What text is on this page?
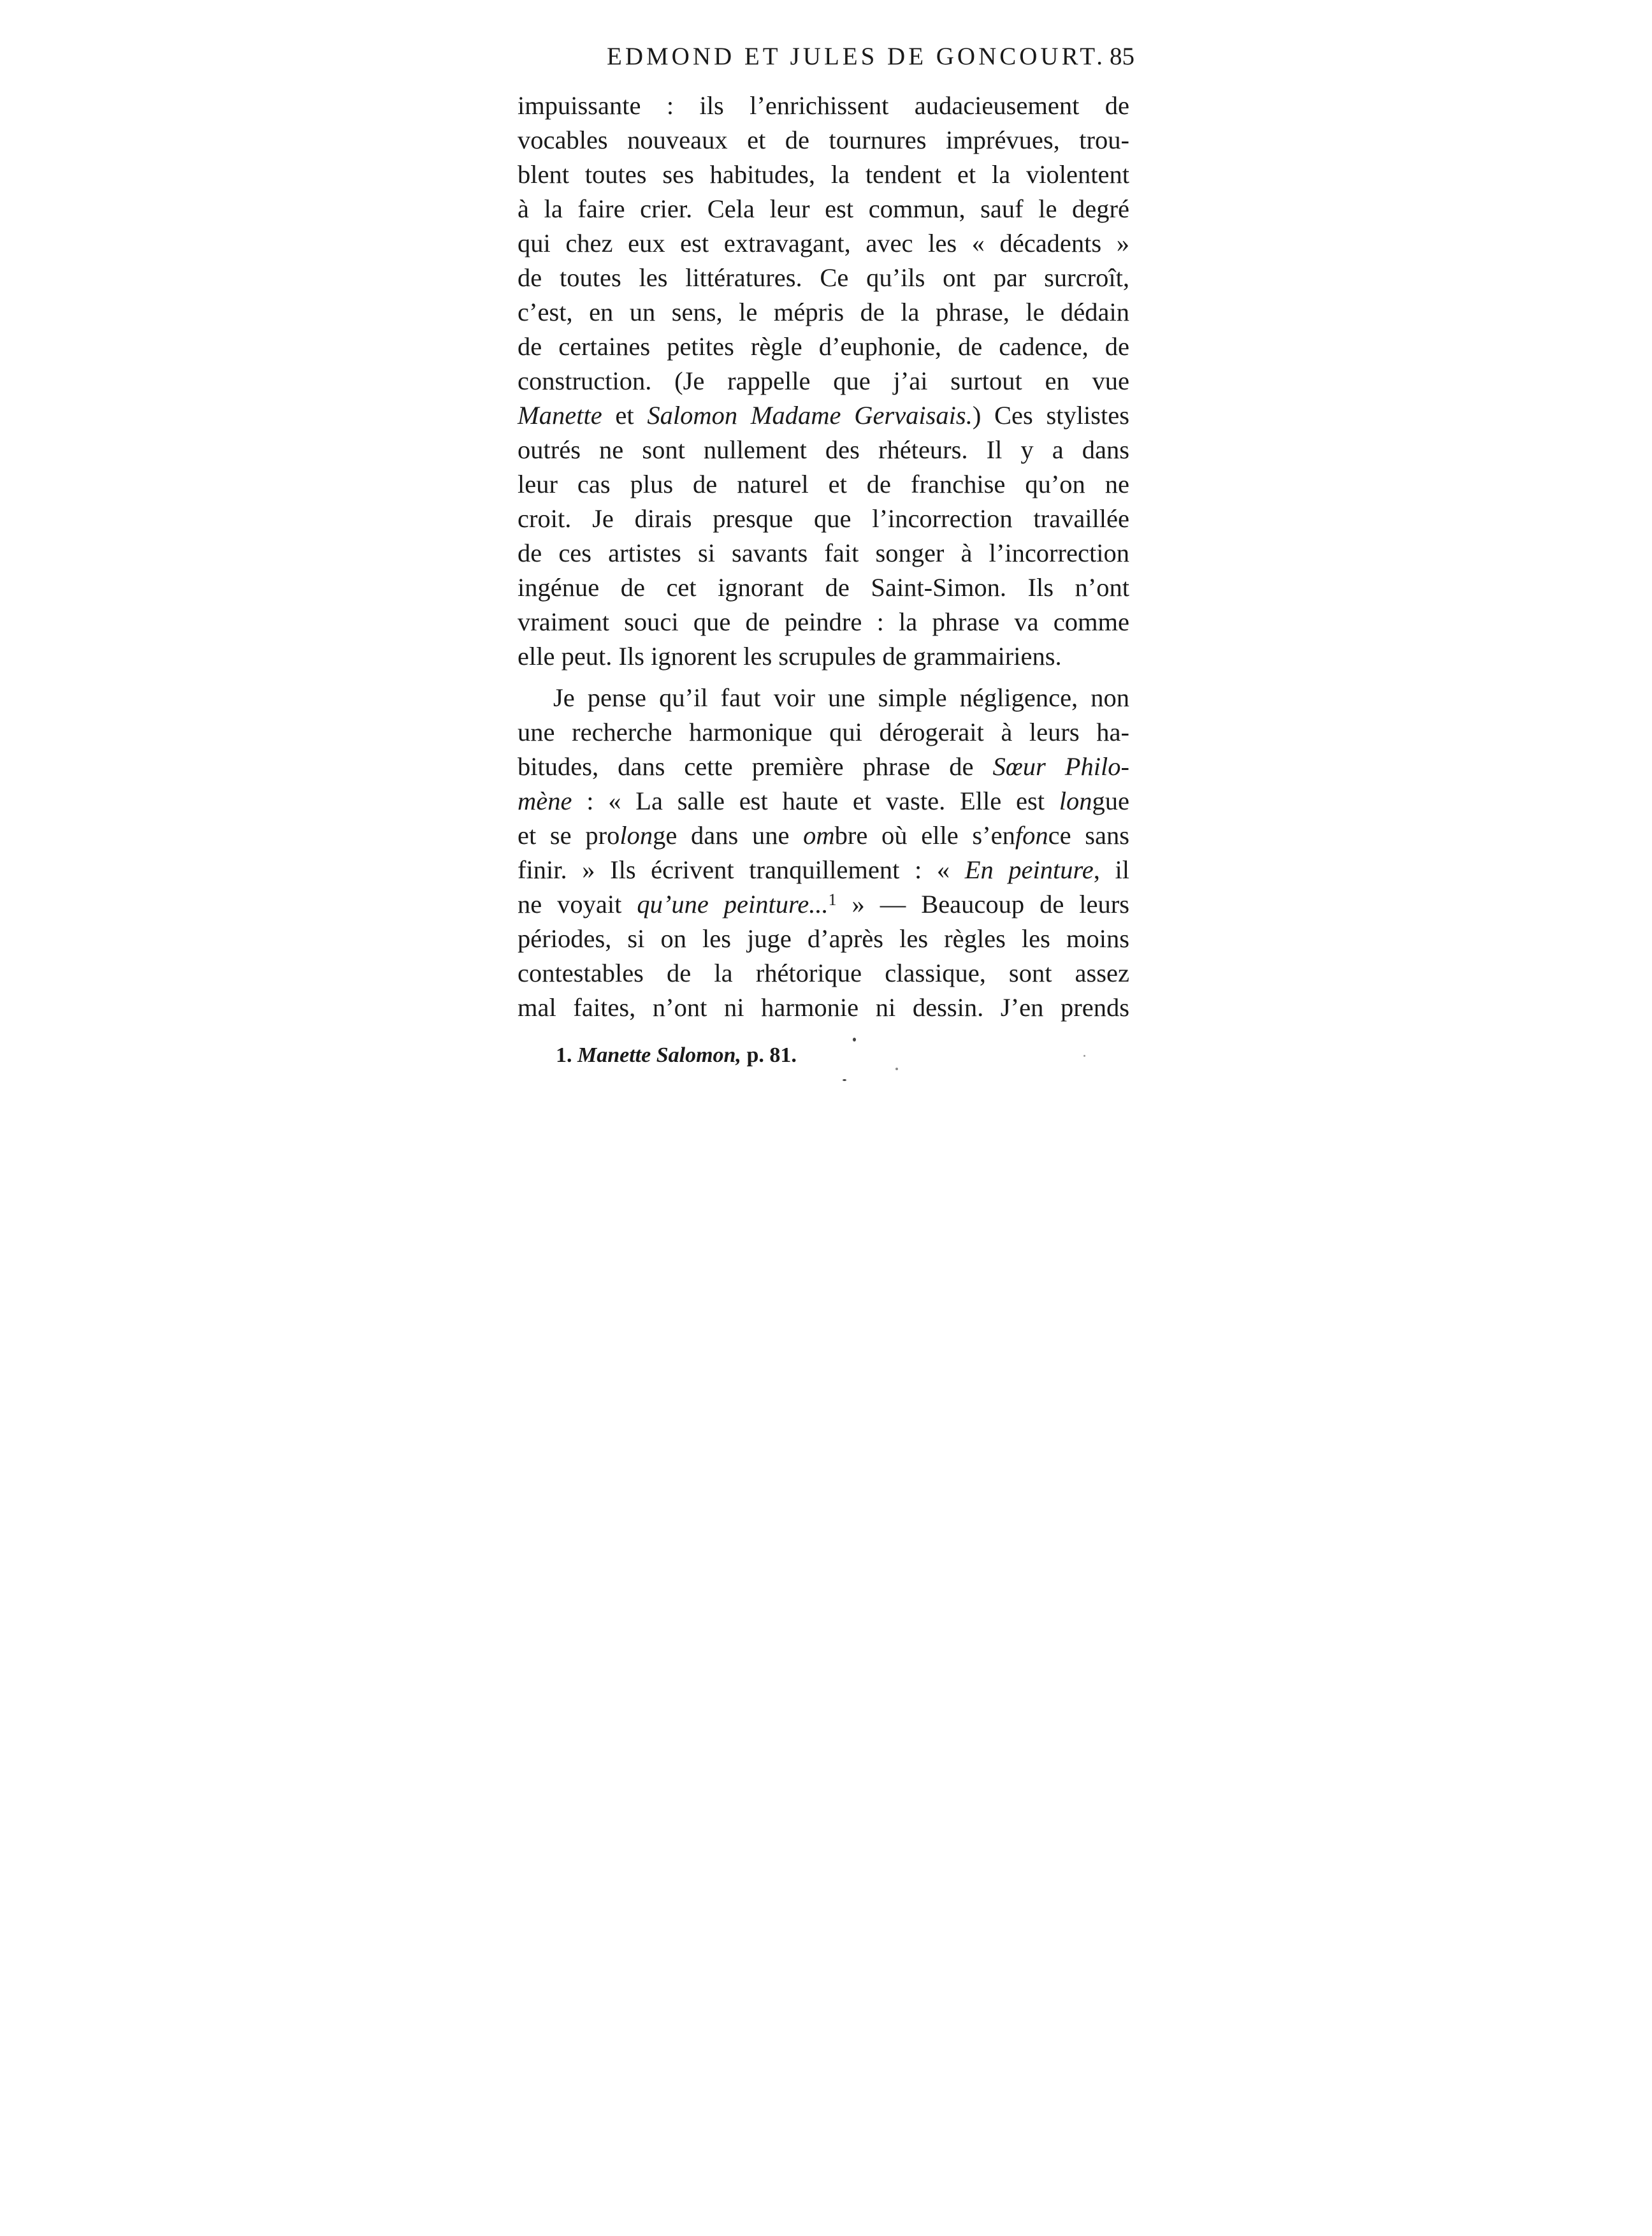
EDMOND ET JULES DE GONCOURT. 85
impuissante : ils l’enrichissent audacieusement de
vocables nouveaux et de tournures imprévues, trou-
blent toutes ses habitudes, la tendent et la violentent
à la faire crier. Cela leur est commun, sauf le degré
qui chez eux est extravagant, avec les « décadents »
de toutes les littératures. Ce qu’ils ont par surcroît,
c’est, en un sens, le mépris de la phrase, le dédain
de certaines petites règle d’euphonie, de cadence, de
construction. (Je rappelle que j’ai surtout en vue
Manette et Salomon Madame Gervaisais.) Ces stylistes
outrés ne sont nullement des rhéteurs. Il y a dans
leur cas plus de naturel et de franchise qu’on ne
croit. Je dirais presque que l’incorrection travaillée
de ces artistes si savants fait songer à l’incorrection
ingénue de cet ignorant de Saint-Simon. Ils n’ont
vraiment souci que de peindre : la phrase va comme
elle peut. Ils ignorent les scrupules de grammairiens.
Je pense qu’il faut voir une simple négligence, non
une recherche harmonique qui dérogerait à leurs ha-
bitudes, dans cette première phrase de Sœur Philo-
mène : « La salle est haute et vaste. Elle est longue
et se prolonge dans une ombre où elle s’enfonce sans
finir. » Ils écrivent tranquillement : « En peinture, il
ne voyait qu’une peinture...$^1$ » — Beaucoup de leurs
périodes, si on les juge d’après les règles les moins
contestables de la rhétorique classique, sont assez
mal faites, n’ont ni harmonie ni dessin. J’en prends
1. Manette Salomon, p. 81.
